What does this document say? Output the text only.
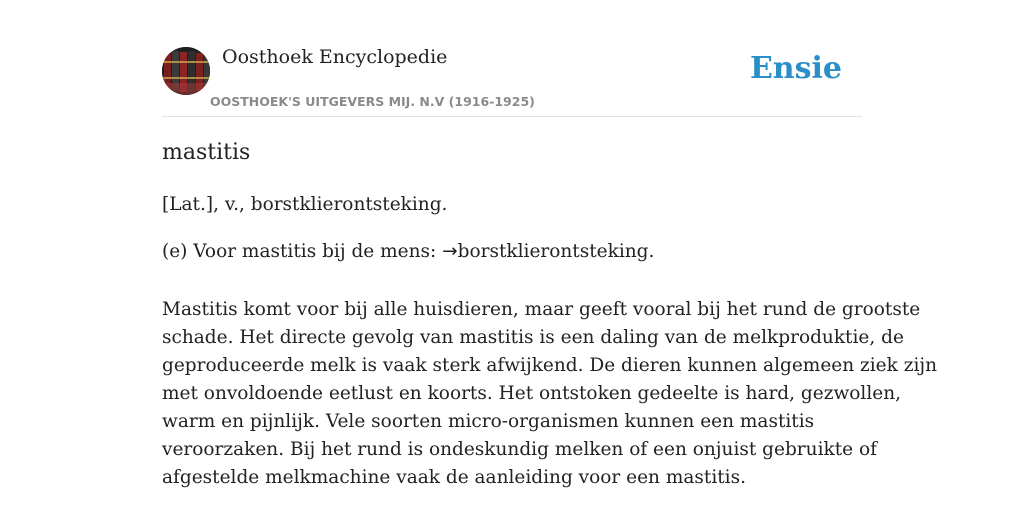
Oosthoek Encyclopedie
OOSTHOEK'S UITGEVERS MIJ. N.V (1916-1925)
Ensie
mastitis
[Lat.], v., borstklierontsteking.
(e) Voor mastitis bij de mens: →borstklierontsteking.
Mastitis komt voor bij alle huisdieren, maar geeft vooral bij het rund de grootste
schade. Het directe gevolg van mastitis is een daling van de melkproduktie, de
geproduceerde melk is vaak sterk afwijkend. De dieren kunnen algemeen ziek zijn
met onvoldoende eetlust en koorts. Het ontstoken gedeelte is hard, gezwollen,
warm en pijnlijk. Vele soorten micro-organismen kunnen een mastitis
veroorzaken. Bij het rund is ondeskundig melken of een onjuist gebruikte of
afgestelde melkmachine vaak de aanleiding voor een mastitis.
